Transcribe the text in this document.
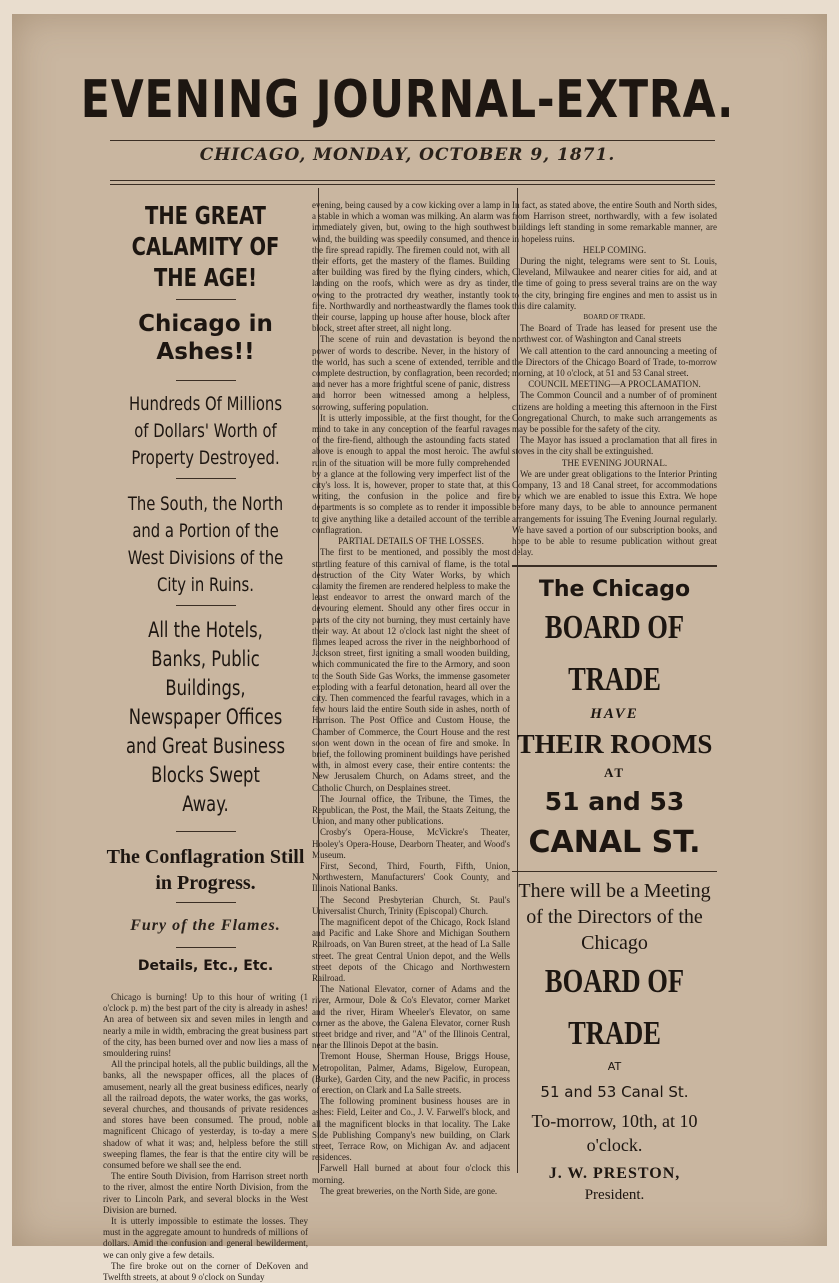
EVENING JOURNAL-EXTRA.
CHICAGO, MONDAY, OCTOBER 9, 1871.
THE GREAT CALAMITY OF THE AGE!
Chicago in Ashes!!
Hundreds Of Millions of Dollars' Worth of Property Destroyed.
The South, the North and a Portion of the West Divisions of the City in Ruins.
All the Hotels, Banks, Public Buildings, Newspaper Offices and Great Business Blocks Swept Away.
The Conflagration Still in Progress.
Fury of the Flames.
Details, Etc., Etc.

Chicago is burning! Up to this hour of writing (1 o'clock p. m) the best part of the city is already in ashes! An area of between six and seven miles in length and nearly a mile in width, embracing the great business part of the city, has been burned over and now lies a mass of smouldering ruins!

All the principal hotels, all the public buildings, all the banks, all the newspaper offices, all the places of amusement, nearly all the great business edifices, nearly all the railroad depots, the water works, the gas works, several churches, and thousands of private residences and stores have been consumed. The proud, noble magnificent Chicago of yesterday, is to-day a mere shadow of what it was; and, helpless before the still sweeping flames, the fear is that the entire city will be consumed before we shall see the end.

The entire South Division, from Harrison street north to the river, almost the entire North Division, from the river to Lincoln Park, and several blocks in the West Division are burned.

It is utterly impossible to estimate the losses. They must in the aggregate amount to hundreds of millions of dollars. Amid the confusion and general bewilderment, we can only give a few details.

The fire broke out on the corner of DeKoven and Twelfth streets, at about 9 o'clock on Sunday

evening, being caused by a cow kicking over a lamp in a stable in which a woman was milking. An alarm was immediately given, but, owing to the high southwest wind, the building was speedily consumed, and thence the fire spread rapidly. The firemen could not, with all their efforts, get the mastery of the flames. Building after building was fired by the flying cinders, which, landing on the roofs, which were as dry as tinder, owing to the protracted dry weather, instantly took fire. Northwardly and northeastwardly the flames took their course, lapping up house after house, block after block, street after street, all night long.

The scene of ruin and devastation is beyond the power of words to describe. Never, in the history of the world, has such a scene of extended, terrible and complete destruction, by conflagration, been recorded; and never has a more frightful scene of panic, distress and horror been witnessed among a helpless, sorrowing, suffering population.

It is utterly impossible, at the first thought, for the mind to take in any conception of the fearful ravages of the fire-fiend, although the astounding facts stated above is enough to appal the most heroic. The awful ruin of the situation will be more fully comprehended by a glance at the following very imperfect list of the city's loss. It is, however, proper to state that, at this writing, the confusion in the police and fire departments is so complete as to render it impossible to give anything like a detailed account of the terrible conflagration.

PARTIAL DETAILS OF THE LOSSES.

The first to be mentioned, and possibly the most startling feature of this carnival of flame, is the total destruction of the City Water Works, by which calamity the firemen are rendered helpless to make the least endeavor to arrest the onward march of the devouring element. Should any other fires occur in parts of the city not burning, they must certainly have their way. At about 12 o'clock last night the sheet of flames leaped across the river in the neighborhood of Jackson street, first igniting a small wooden building, which communicated the fire to the Armory, and soon to the South Side Gas Works, the immense gasometer exploding with a fearful detonation, heard all over the city. Then commenced the fearful ravages, which in a few hours laid the entire South side in ashes, north of Harrison. The Post Office and Custom House, the Chamber of Commerce, the Court House and the rest soon went down in the ocean of fire and smoke. In brief, the following prominent buildings have perished with, in almost every case, their entire contents: the New Jerusalem Church, on Adams street, and the Catholic Church, on Desplaines street.

The Journal office, the Tribune, the Times, the Republican, the Post, the Mail, the Staats Zeitung, the Union, and many other publications.

Crosby's Opera-House, McVickre's Theater, Hooley's Opera-House, Dearborn Theater, and Wood's Museum.

First, Second, Third, Fourth, Fifth, Union, Northwestern, Manufacturers' Cook County, and Illinois National Banks.

The Second Presbyterian Church, St. Paul's Universalist Church, Trinity (Episcopal) Church.

The magnificent depot of the Chicago, Rock Island and Pacific and Lake Shore and Michigan Southern Railroads, on Van Buren street, at the head of La Salle street. The great Central Union depot, and the Wells street depots of the Chicago and Northwestern Railroad.

The National Elevator, corner of Adams and the river, Armour, Dole & Co's Elevator, corner Market and the river, Hiram Wheeler's Elevator, on same corner as the above, the Galena Elevator, corner Rush street bridge and river, and "A" of the Illinois Central, near the Illinois Depot at the basin.

Tremont House, Sherman House, Briggs House, Metropolitan, Palmer, Adams, Bigelow, European, (Burke), Garden City, and the new Pacific, in process of erection, on Clark and La Salle streets.

The following prominent business houses are in ashes: Field, Leiter and Co., J. V. Farwell's block, and all the magnificent blocks in that locality. The Lake Side Publishing Company's new building, on Clark street, Terrace Row, on Michigan Av. and adjacent residences.

Farwell Hall burned at about four o'clock this morning.

The great breweries, on the North Side, are gone.

In fact, as stated above, the entire South and North sides, from Harrison street, northwardly, with a few isolated buildings left standing in some remarkable manner, are in hopeless ruins.

HELP COMING.

During the night, telegrams were sent to St. Louis, Cleveland, Milwaukee and nearer cities for aid, and at the time of going to press several trains are on the way to the city, bringing fire engines and men to assist us in this dire calamity.

BOARD OF TRADE.

The Board of Trade has leased for present use the northwest cor. of Washington and Canal streets

We call attention to the card announcing a meeting of the Directors of the Chicago Board of Trade, to-morrow morning, at 10 o'clock, at 51 and 53 Canal street.

COUNCIL MEETING—A PROCLAMATION.

The Common Council and a number of of prominent citizens are holding a meeting this afternoon in the First Congregational Church, to make such arrangements as may be possible for the safety of the city.

The Mayor has issued a proclamation that all fires in stoves in the city shall be extinguished.

THE EVENING JOURNAL.

We are under great obligations to the Interior Printing Company, 13 and 18 Canal street, for accommodations by which we are enabled to issue this Extra. We hope before many days, to be able to announce permanent arrangements for issuing The Evening Journal regularly. We have saved a portion of our subscription books, and hope to be able to resume publication without great delay.

The Chicago
BOARD OF TRADE
HAVE
THEIR ROOMS
AT
51 and 53
CANAL ST.
There will be a Meeting of the Directors of the Chicago
BOARD OF TRADE
AT
51 and 53 Canal St.
To-morrow, 10th, at 10 o'clock.
J. W. PRESTON,
President.
